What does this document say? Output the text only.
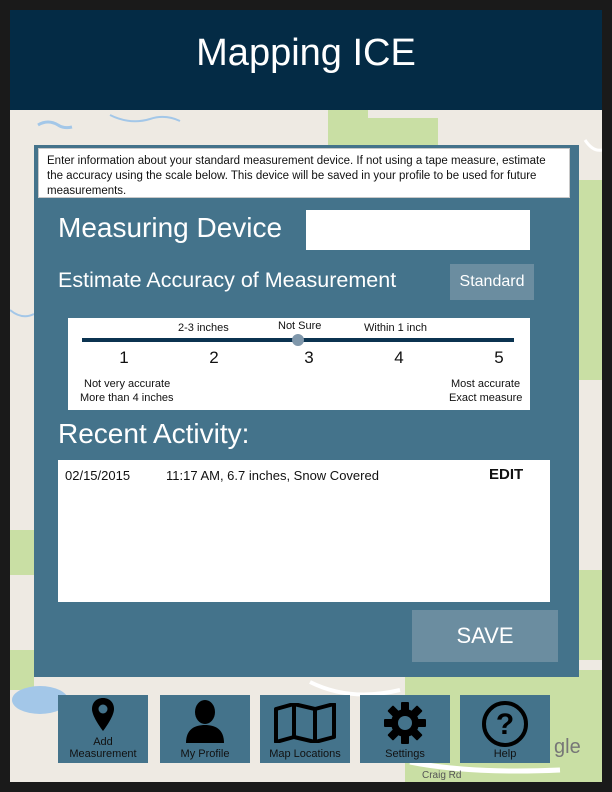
Mapping ICE
Enter information about your standard measurement device. If not using a tape measure, estimate the accuracy using the scale below. This device will be saved in your profile to be used for future measurements.
Measuring Device
Estimate Accuracy of Measurement	Standard
2-3 inches	Not Sure	Within 1 inch
1	2	3	4	5
Not very accurate
More than 4 inches
Most accurate
Exact measure
Recent Activity:
02/15/2015	11:17 AM, 6.7 inches, Snow Covered	EDIT
SAVE
Craig Rd
gle
Add
Measurement	My Profile	Map Locations	Settings
?
Help
